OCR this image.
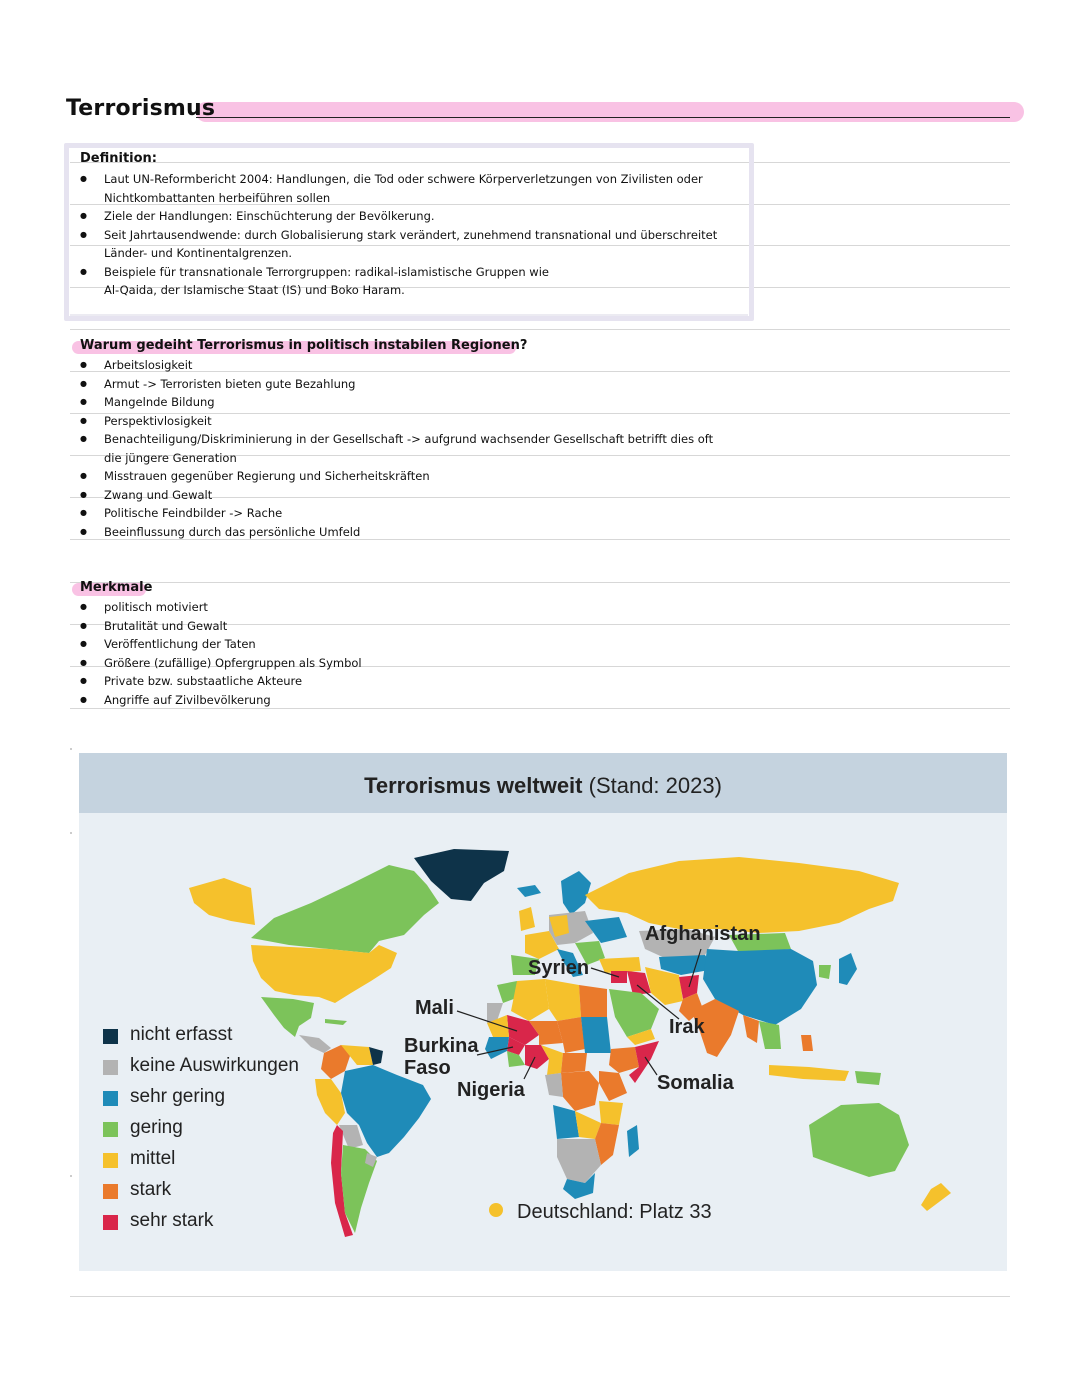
Terrorismus
Definition:
● Laut UN-Reformbericht 2004: Handlungen, die Tod oder schwere Körperverletzungen von Zivilisten oder
Nichtkombattanten herbeiführen sollen
● Ziele der Handlungen: Einschüchterung der Bevölkerung.
● Seit Jahrtausendwende: durch Globalisierung stark verändert, zunehmend transnational und überschreitet
Länder- und Kontinentalgrenzen.
● Beispiele für transnationale Terrorgruppen: radikal-islamistische Gruppen wie
Al-Qaida, der Islamische Staat (IS) und Boko Haram.
Warum gedeiht Terrorismus in politisch instabilen Regionen?
● Arbeitslosigkeit
● Armut -> Terroristen bieten gute Bezahlung
● Mangelnde Bildung
● Perspektivlosigkeit
● Benachteiligung/Diskriminierung in der Gesellschaft -> aufgrund wachsender Gesellschaft betrifft dies oft
die jüngere Generation
● Misstrauen gegenüber Regierung und Sicherheitskräften
● Zwang und Gewalt
● Politische Feindbilder -> Rache
● Beeinflussung durch das persönliche Umfeld
Merkmale
● politisch motiviert
● Brutalität und Gewalt
● Veröffentlichung der Taten
● Größere (zufällige) Opfergruppen als Symbol
● Private bzw. substaatliche Akteure
● Angriffe auf Zivilbevölkerung
Terrorismus weltweit (Stand: 2023)
Afghanistan
Syrien
Mali
Irak
Burkina
Faso
Nigeria	Somalia
nicht erfasst
keine Auswirkungen
sehr gering
gering
mittel
stark
sehr stark	Deutschland: Platz 33
